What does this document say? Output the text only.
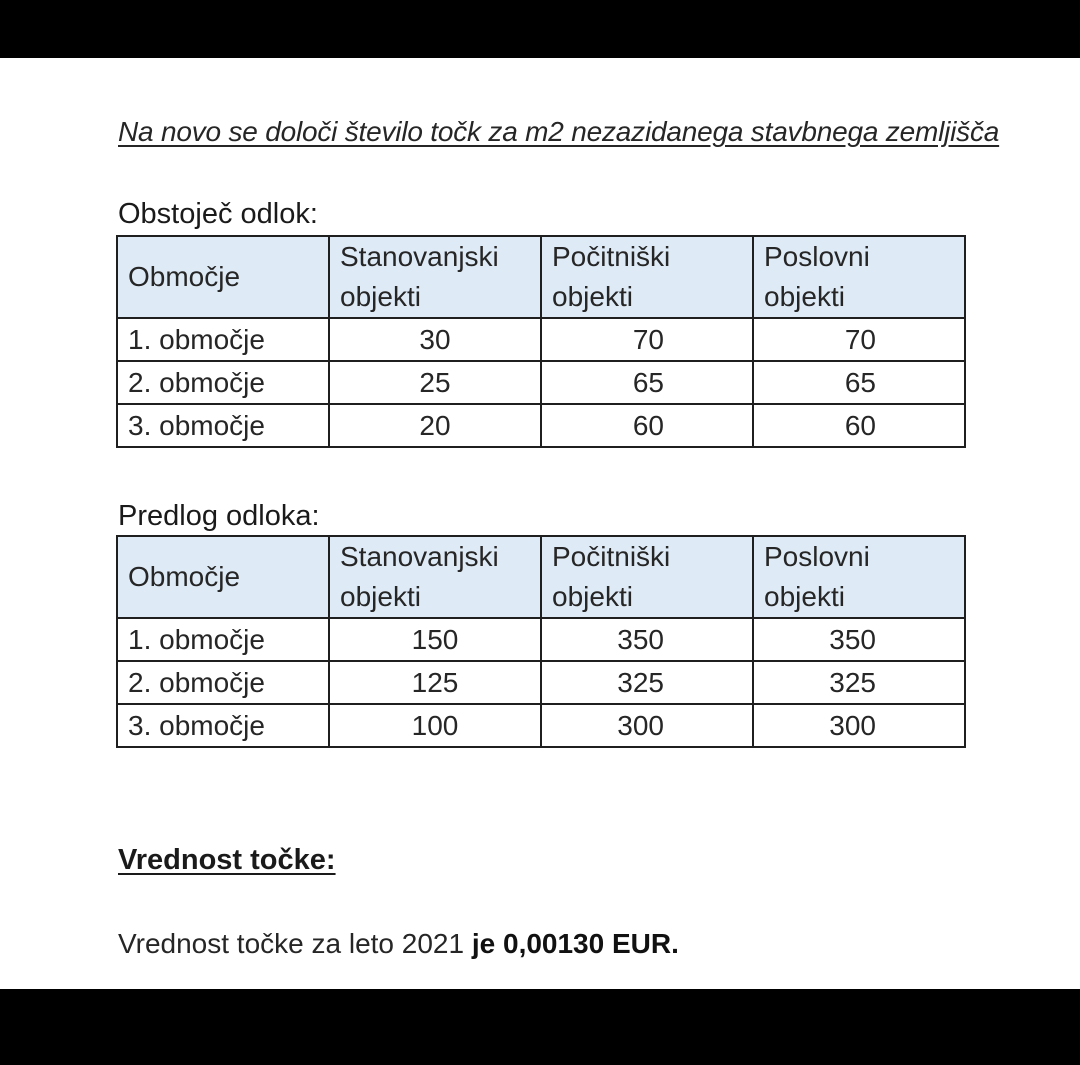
Na novo se določi število točk za m2 nezazidanega stavbnega zemljišča
Obstoječ odlok:
Območje	Stanovanjski objekti	Počitniški objekti	Poslovni objekti
1. območje	30	70	70
2. območje	25	65	65
3. območje	20	60	60
Predlog odloka:
Območje	Stanovanjski objekti	Počitniški objekti	Poslovni objekti
1. območje	150	350	350
2. območje	125	325	325
3. območje	100	300	300
Vrednost točke:
Vrednost točke za leto 2021 je 0,00130 EUR.
